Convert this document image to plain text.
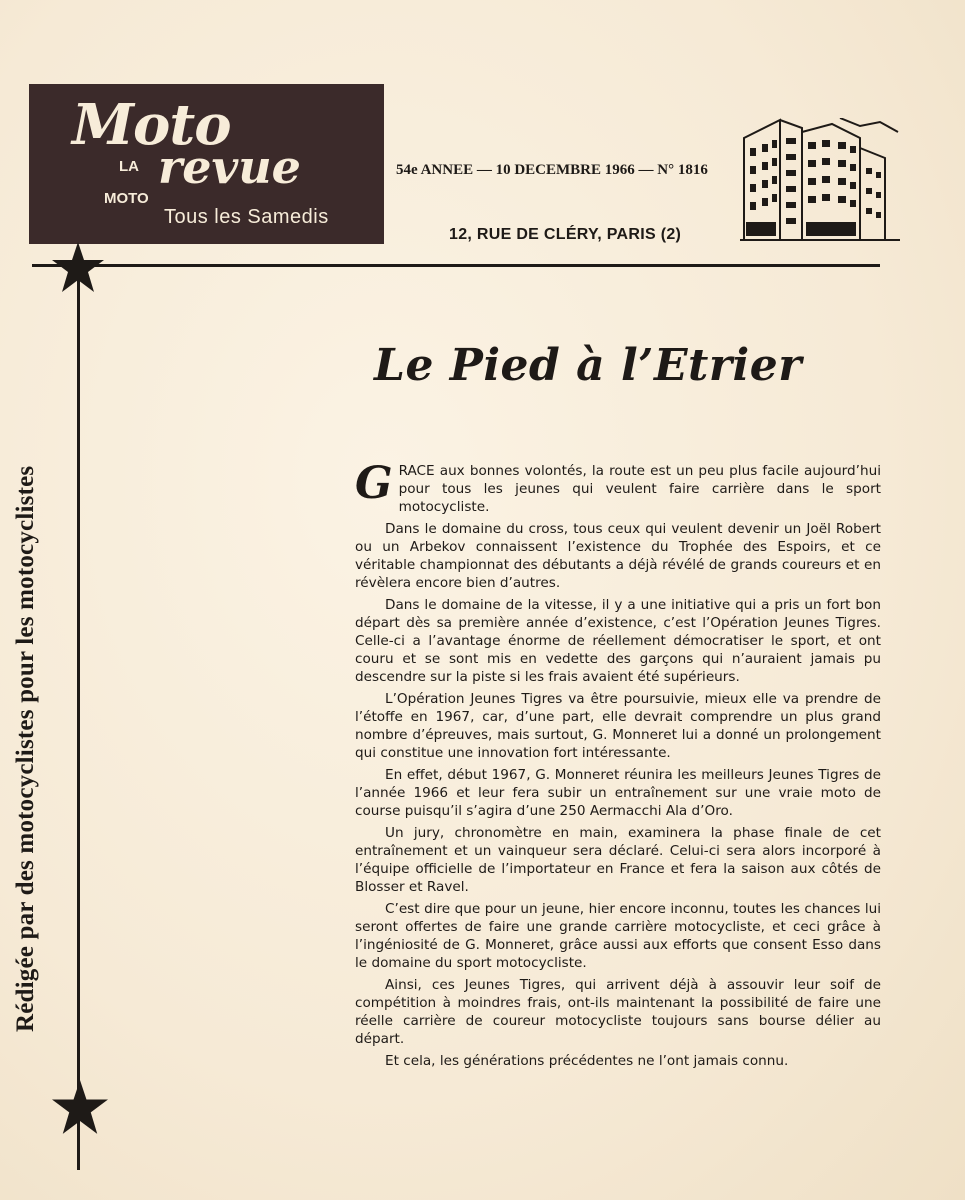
Moto
LA
MOTO
revue
Tous les Samedis
54e ANNEE — 10 DECEMBRE 1966 — N° 1816
12, RUE DE CLÉRY, PARIS (2)
Rédigée par des motocyclistes pour les motocyclistes
Le Pied à l’Etrier

GRACE aux bonnes volontés, la route est un peu plus facile aujourd’hui pour tous les jeunes qui veulent faire carrière dans le sport motocycliste.

Dans le domaine du cross, tous ceux qui veulent devenir un Joël Robert ou un Arbekov connaissent l’existence du Trophée des Espoirs, et ce véritable championnat des débutants a déjà révélé de grands coureurs et en révèlera encore bien d’autres.

Dans le domaine de la vitesse, il y a une initiative qui a pris un fort bon départ dès sa première année d’existence, c’est l’Opération Jeunes Tigres. Celle-ci a l’avantage énorme de réellement démocratiser le sport, et ont couru et se sont mis en vedette des garçons qui n’auraient jamais pu descendre sur la piste si les frais avaient été supérieurs.

L’Opération Jeunes Tigres va être poursuivie, mieux elle va prendre de l’étoffe en 1967, car, d’une part, elle devrait comprendre un plus grand nombre d’épreuves, mais surtout, G. Monneret lui a donné un prolongement qui constitue une innovation fort intéressante.

En effet, début 1967, G. Monneret réunira les meilleurs Jeunes Tigres de l’année 1966 et leur fera subir un entraînement sur une vraie moto de course puisqu’il s’agira d’une 250 Aermacchi Ala d’Oro.

Un jury, chronomètre en main, examinera la phase finale de cet entraînement et un vainqueur sera déclaré. Celui-ci sera alors incorporé à l’équipe officielle de l’importateur en France et fera la saison aux côtés de Blosser et Ravel.

C’est dire que pour un jeune, hier encore inconnu, toutes les chances lui seront offertes de faire une grande carrière motocycliste, et ceci grâce à l’ingéniosité de G. Monneret, grâce aussi aux efforts que consent Esso dans le domaine du sport motocycliste.

Ainsi, ces Jeunes Tigres, qui arrivent déjà à assouvir leur soif de compétition à moindres frais, ont-ils maintenant la possibilité de faire une réelle carrière de coureur motocycliste toujours sans bourse délier au départ.

Et cela, les générations précédentes ne l’ont jamais connu.
